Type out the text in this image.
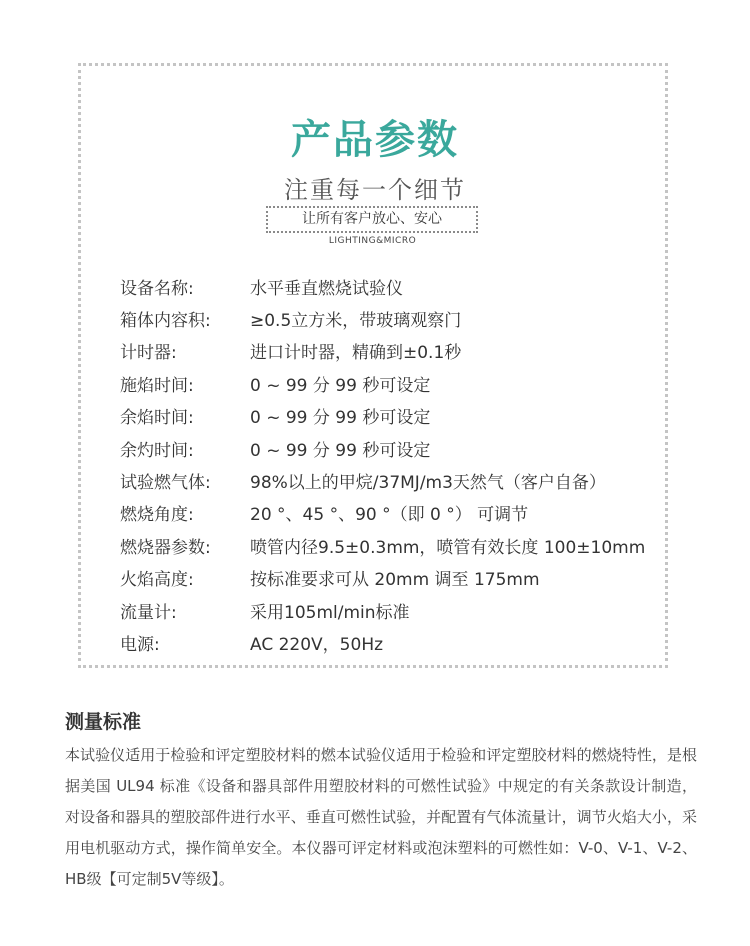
产品参数
注重每一个细节
让所有客户放心、安心
LIGHTING&MICRO
设备名称:	水平垂直燃烧试验仪
箱体内容积:	≥0.5立方米，带玻璃观察门
计时器:	进口计时器，精确到±0.1秒
施焰时间:	0 ~ 99 分 99 秒可设定
余焰时间:	0 ~ 99 分 99 秒可设定
余灼时间:	0 ~ 99 分 99 秒可设定
试验燃气体:	98%以上的甲烷/37MJ/m3天然气（客户自备）
燃烧角度:	20 °、45 °、90 °（即 0 °） 可调节
燃烧器参数:	喷管内径9.5±0.3mm，喷管有效长度 100±10mm
火焰高度:	按标准要求可从 20mm 调至 175mm
流量计:	采用105ml/min标准
电源:	AC 220V，50Hz
测量标准
本试验仪适用于检验和评定塑胶材料的燃本试验仪适用于检验和评定塑胶材料的燃烧特性，是根据美国 UL94 标准《设备和器具部件用塑胶材料的可燃性试验》中规定的有关条款设计制造，对设备和器具的塑胶部件进行水平、垂直可燃性试验，并配置有气体流量计，调节火焰大小，采用电机驱动方式，操作简单安全。本仪器可评定材料或泡沫塑料的可燃性如：V-0、V-1、V-2、HB级【可定制5V等级】。
